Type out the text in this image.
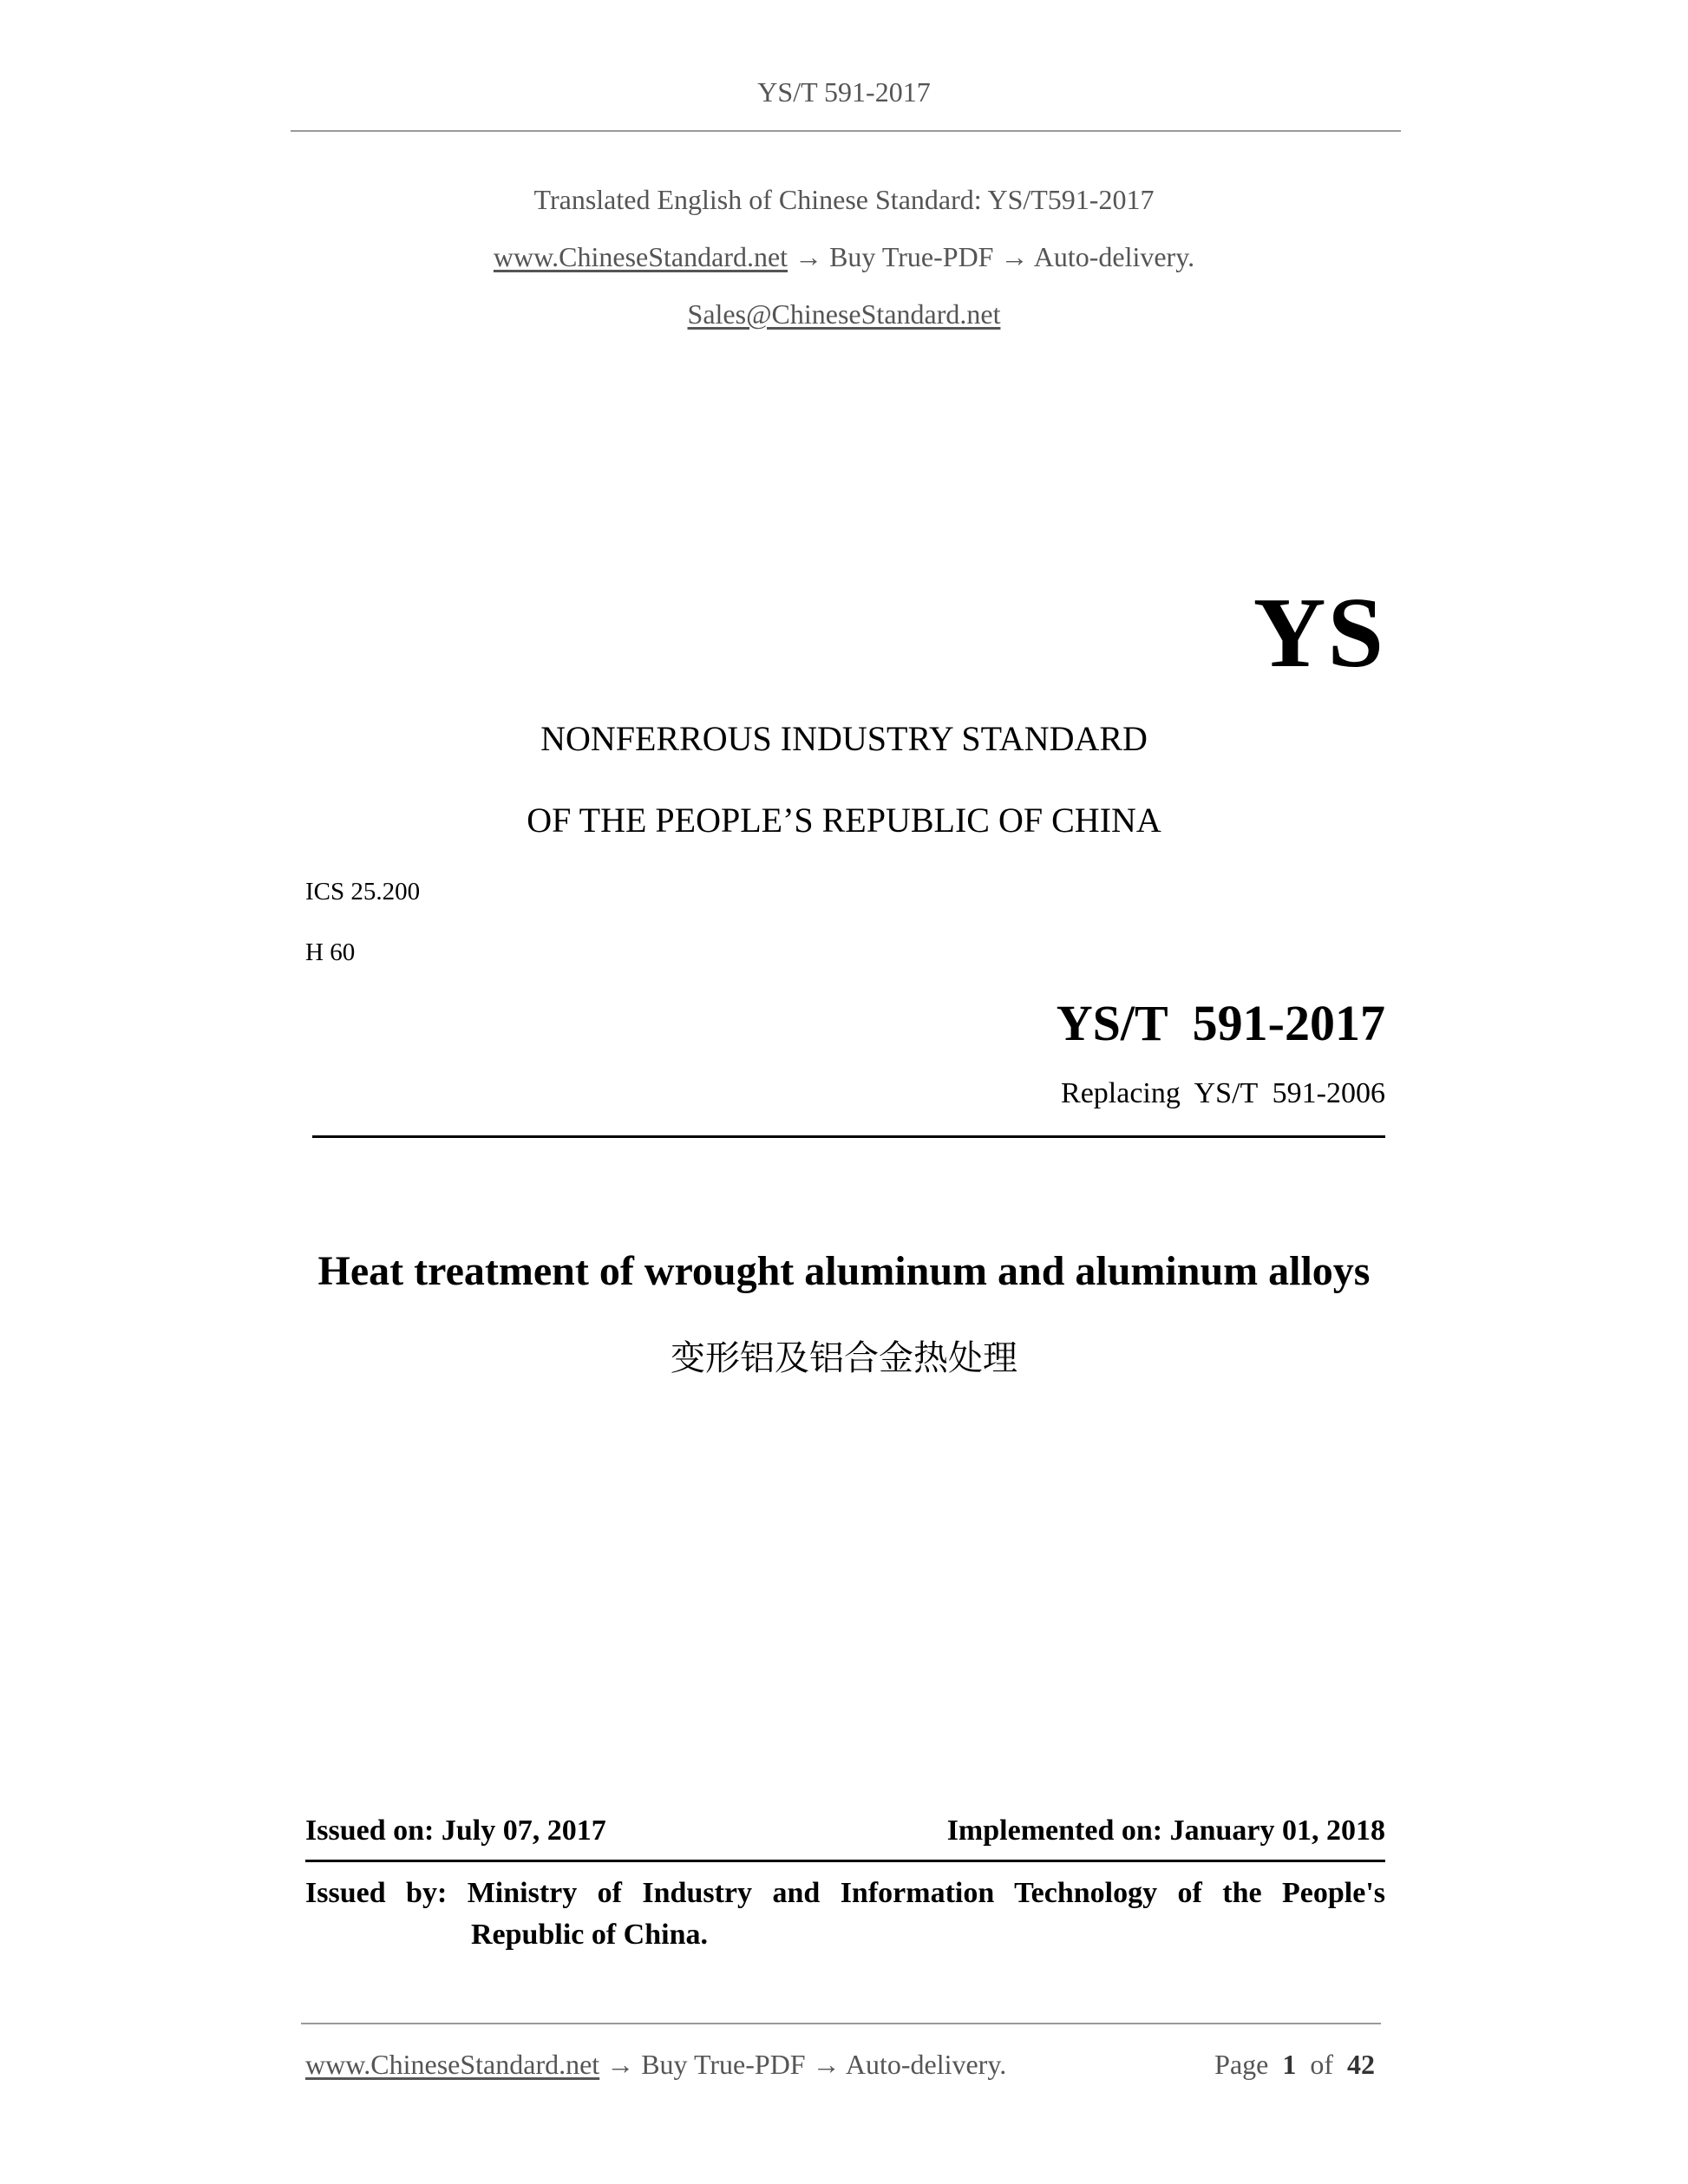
YS/T 591-2017
Translated English of Chinese Standard: YS/T591-2017
www.ChineseStandard.net → Buy True-PDF → Auto-delivery.
Sales@ChineseStandard.net
YS
NONFERROUS INDUSTRY STANDARD
OF THE PEOPLE’S REPUBLIC OF CHINA
ICS 25.200
H 60
YS/T  591-2017
Replacing  YS/T  591-2006
Heat treatment of wrought aluminum and aluminum alloys
变形铝及铝合金热处理
Issued on: July 07, 2017	Implemented on: January 01, 2018
Issued by: Ministry of Industry and Information Technology of the People's
Republic of China.
www.ChineseStandard.net → Buy True-PDF → Auto-delivery.	Page 1 of 42
